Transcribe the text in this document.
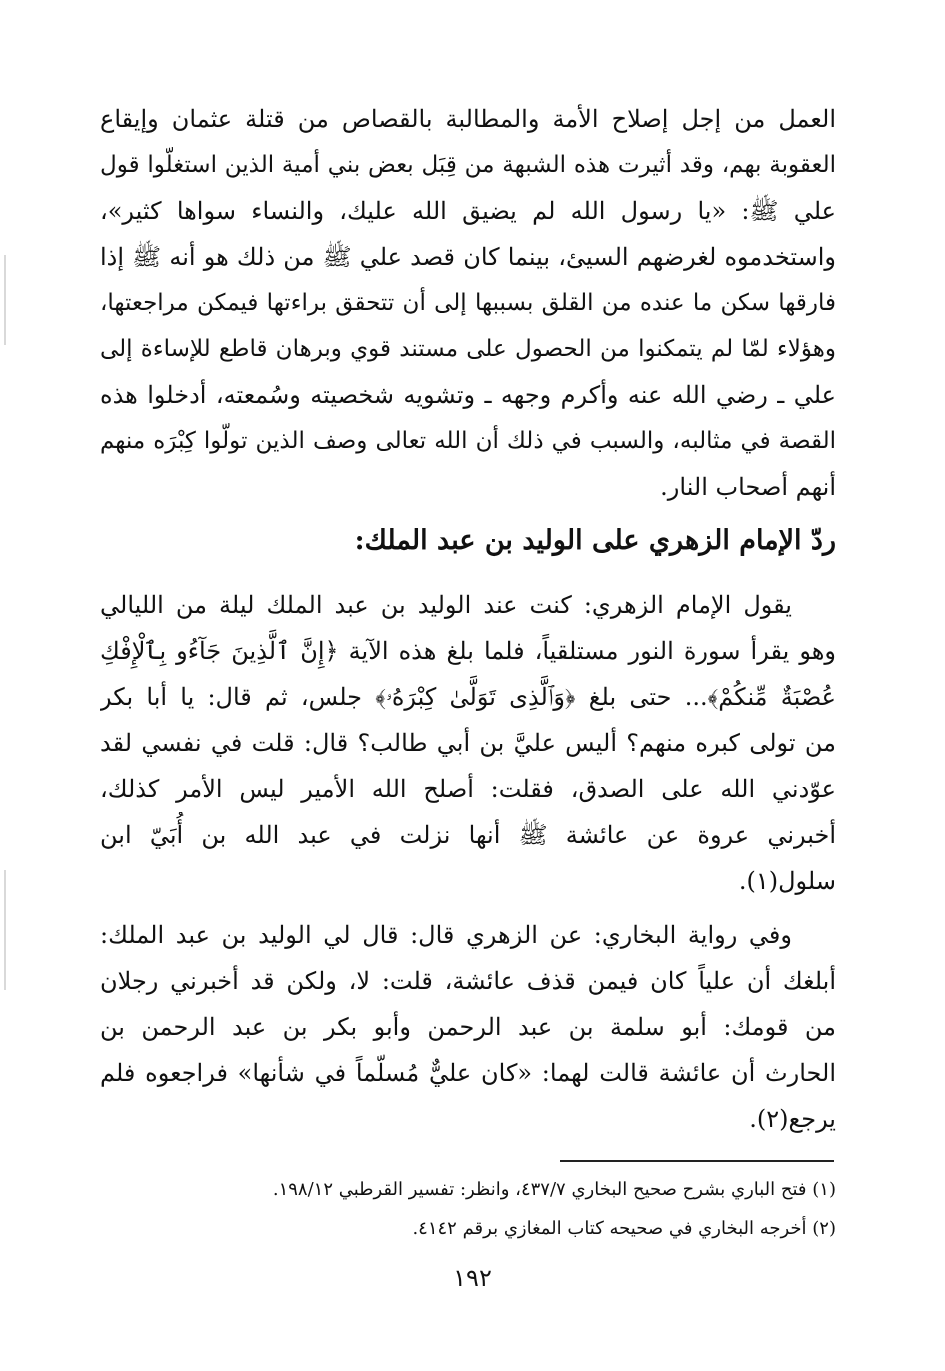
العمل من إجل إصلاح الأمة والمطالبة بالقصاص من قتلة عثمان وإيقاع
العقوبة بهم، وقد أثيرت هذه الشبهة من قِبَل بعض بني أمية الذين استغلّوا قول
علي ﷺ: «يا رسول الله لم يضيق الله عليك، والنساء سواها كثير»،
واستخدموه لغرضهم السيئ، بينما كان قصد علي ﷺ من ذلك هو أنه ﷺ إذا
فارقها سكن ما عنده من القلق بسببها إلى أن تتحقق براءتها فيمكن مراجعتها،
وهؤلاء لمّا لم يتمكنوا من الحصول على مستند قوي وبرهان قاطع للإساءة إلى
علي ـ رضي الله عنه وأكرم وجهه ـ وتشويه شخصيته وسُمعته، أدخلوا هذه
القصة في مثالبه، والسبب في ذلك أن الله تعالى وصف الذين تولّوا كِبْرَه منهم
أنهم أصحاب النار.
ردّ الإمام الزهري على الوليد بن عبد الملك:
يقول الإمام الزهري: كنت عند الوليد بن عبد الملك ليلة من الليالي
وهو يقرأ سورة النور مستلقياً، فلما بلغ هذه الآية ﴿إِنَّ ٱلَّذِينَ جَآءُو بِٱلْإِفْكِ
عُصْبَةٌ مِّنكُمْ﴾... حتى بلغ ﴿وَٱلَّذِى تَوَلَّىٰ كِبْرَهُۥ﴾ جلس، ثم قال: يا أبا بكر
من تولى كبره منهم؟ أليس عليَّ بن أبي طالب؟ قال: قلت في نفسي لقد
عوّدني الله على الصدق، فقلت: أصلح الله الأمير ليس الأمر كذلك،
أخبرني عروة عن عائشة ﷺ أنها نزلت في عبد الله بن أُبَيّ ابن
سلول(١).
وفي رواية البخاري: عن الزهري قال: قال لي الوليد بن عبد الملك:
أبلغك أن علياً كان فيمن قذف عائشة، قلت: لا، ولكن قد أخبرني رجلان
من قومك: أبو سلمة بن عبد الرحمن وأبو بكر بن عبد الرحمن بن
الحارث أن عائشة قالت لهما: «كان عليٌّ مُسلّماً في شأنها» فراجعوه فلم
يرجع(٢).
(١) فتح الباري بشرح صحيح البخاري ٤٣٧/٧، وانظر: تفسير القرطبي ١٩٨/١٢.
(٢) أخرجه البخاري في صحيحه كتاب المغازي برقم ٤١٤٢.
١٩٢
